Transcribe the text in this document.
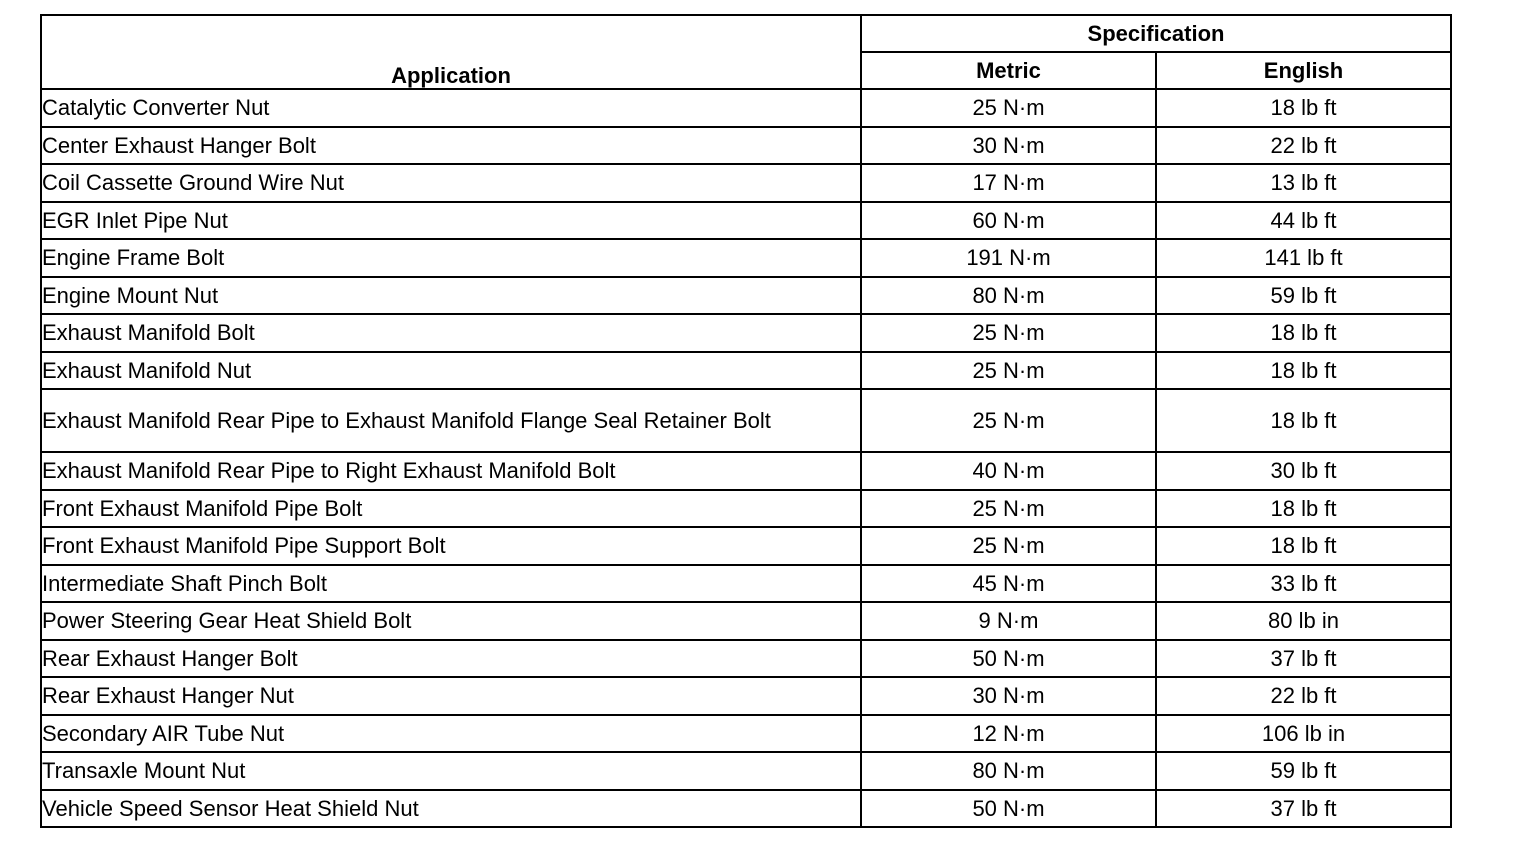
Application	Specification	
	Metric	English
Catalytic Converter Nut	25 N·m	18 lb ft
Center Exhaust Hanger Bolt	30 N·m	22 lb ft
Coil Cassette Ground Wire Nut	17 N·m	13 lb ft
EGR Inlet Pipe Nut	60 N·m	44 lb ft
Engine Frame Bolt	191 N·m	141 lb ft
Engine Mount Nut	80 N·m	59 lb ft
Exhaust Manifold Bolt	25 N·m	18 lb ft
Exhaust Manifold Nut	25 N·m	18 lb ft
Exhaust Manifold Rear Pipe to Exhaust Manifold Flange Seal Retainer Bolt	25 N·m	18 lb ft
Exhaust Manifold Rear Pipe to Right Exhaust Manifold Bolt	40 N·m	30 lb ft
Front Exhaust Manifold Pipe Bolt	25 N·m	18 lb ft
Front Exhaust Manifold Pipe Support Bolt	25 N·m	18 lb ft
Intermediate Shaft Pinch Bolt	45 N·m	33 lb ft
Power Steering Gear Heat Shield Bolt	9 N·m	80 lb in
Rear Exhaust Hanger Bolt	50 N·m	37 lb ft
Rear Exhaust Hanger Nut	30 N·m	22 lb ft
Secondary AIR Tube Nut	12 N·m	106 lb in
Transaxle Mount Nut	80 N·m	59 lb ft
Vehicle Speed Sensor Heat Shield Nut	50 N·m	37 lb ft
